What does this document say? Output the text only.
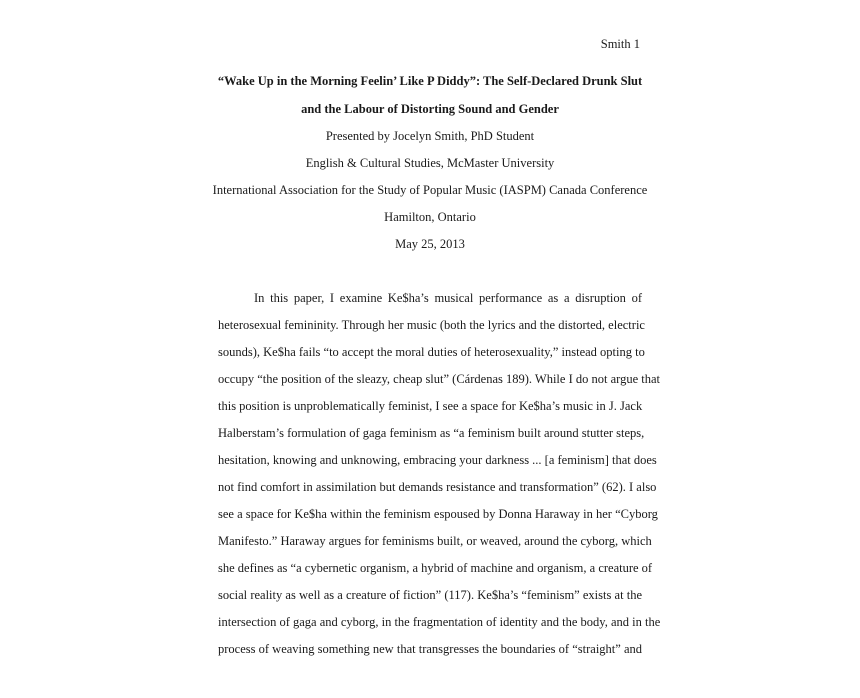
Smith 1
“Wake Up in the Morning Feelin’ Like P Diddy”: The Self-Declared Drunk Slut
and the Labour of Distorting Sound and Gender
Presented by Jocelyn Smith, PhD Student
English & Cultural Studies, McMaster University
International Association for the Study of Popular Music (IASPM) Canada Conference
Hamilton, Ontario
May 25, 2013
In this paper, I examine Ke$ha’s musical performance as a disruption of
heterosexual femininity. Through her music (both the lyrics and the distorted, electric
sounds), Ke$ha fails “to accept the moral duties of heterosexuality,” instead opting to
occupy “the position of the sleazy, cheap slut” (Cárdenas 189). While I do not argue that
this position is unproblematically feminist, I see a space for Ke$ha’s music in J. Jack
Halberstam’s formulation of gaga feminism as “a feminism built around stutter steps,
hesitation, knowing and unknowing, embracing your darkness ... [a feminism] that does
not find comfort in assimilation but demands resistance and transformation” (62). I also
see a space for Ke$ha within the feminism espoused by Donna Haraway in her “Cyborg
Manifesto.” Haraway argues for feminisms built, or weaved, around the cyborg, which
she defines as “a cybernetic organism, a hybrid of machine and organism, a creature of
social reality as well as a creature of fiction” (117). Ke$ha’s “feminism” exists at the
intersection of gaga and cyborg, in the fragmentation of identity and the body, and in the
process of weaving something new that transgresses the boundaries of “straight” and
